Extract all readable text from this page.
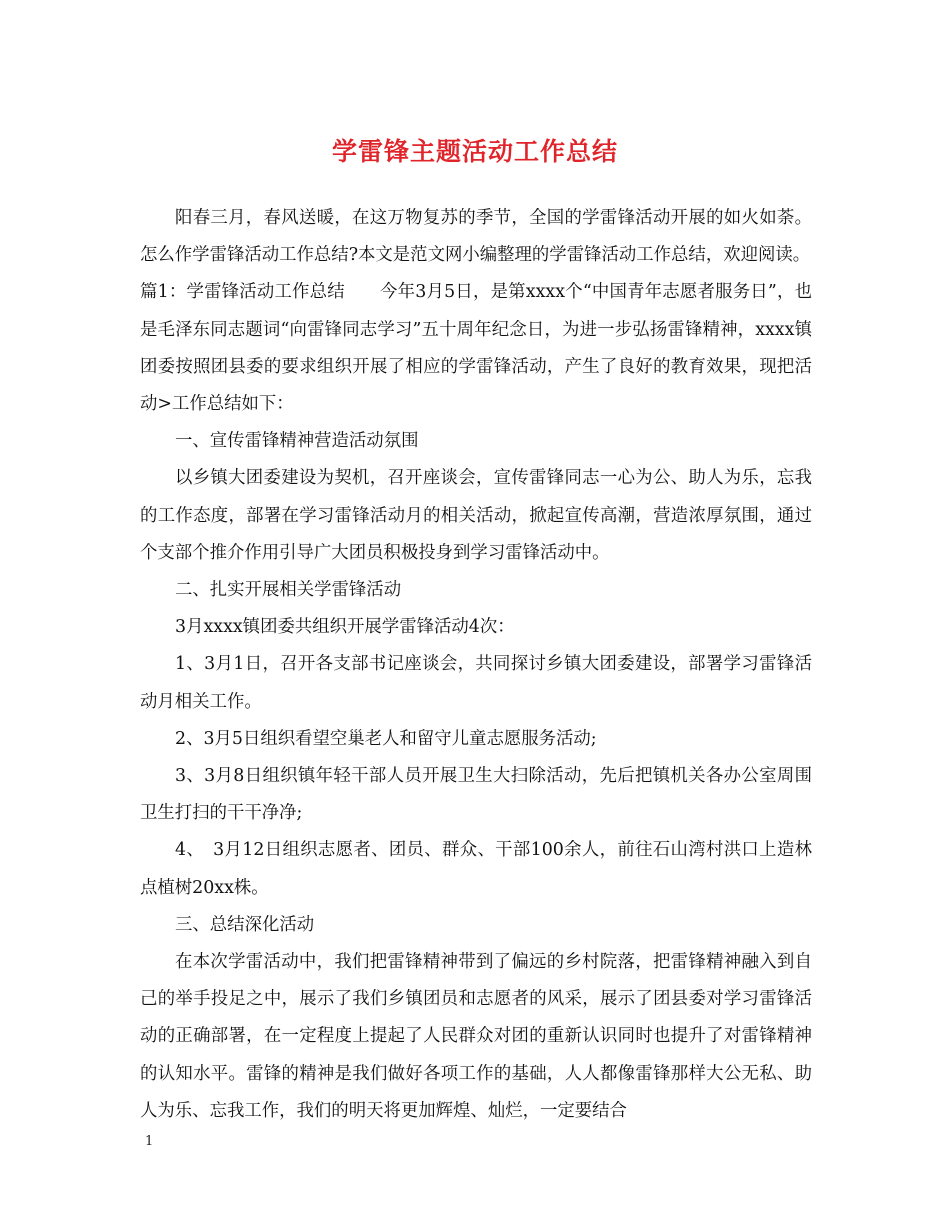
学雷锋主题活动工作总结

阳春三月，春风送暖，在这万物复苏的季节，全国的学雷锋活动开展的如火如荼。怎么作学雷锋活动工作总结?本文是范文网小编整理的学雷锋活动工作总结，欢迎阅读。

篇1：学雷锋活动工作总结　　今年3月5日，是第xxxx个“中国青年志愿者服务日”，也是毛泽东同志题词“向雷锋同志学习”五十周年纪念日，为进一步弘扬雷锋精神，xxxx镇团委按照团县委的要求组织开展了相应的学雷锋活动，产生了良好的教育效果，现把活动>工作总结如下：

一、宣传雷锋精神营造活动氛围

以乡镇大团委建设为契机，召开座谈会，宣传雷锋同志一心为公、助人为乐，忘我的工作态度，部署在学习雷锋活动月的相关活动，掀起宣传高潮，营造浓厚氛围，通过个支部个推介作用引导广大团员积极投身到学习雷锋活动中。

二、扎实开展相关学雷锋活动

3月xxxx镇团委共组织开展学雷锋活动4次：

1、3月1日，召开各支部书记座谈会，共同探讨乡镇大团委建设，部署学习雷锋活动月相关工作。

2、3月5日组织看望空巢老人和留守儿童志愿服务活动;

3、3月8日组织镇年轻干部人员开展卫生大扫除活动，先后把镇机关各办公室周围卫生打扫的干干净净;

4、　3月12日组织志愿者、团员、群众、干部100余人，前往石山湾村洪口上造林点植树20xx株。

三、总结深化活动

在本次学雷活动中，我们把雷锋精神带到了偏远的乡村院落，把雷锋精神融入到自己的举手投足之中，展示了我们乡镇团员和志愿者的风采，展示了团县委对学习雷锋活动的正确部署，在一定程度上提起了人民群众对团的重新认识同时也提升了对雷锋精神的认知水平。雷锋的精神是我们做好各项工作的基础，人人都像雷锋那样大公无私、助人为乐、忘我工作，我们的明天将更加辉煌、灿烂，一定要结合

1
